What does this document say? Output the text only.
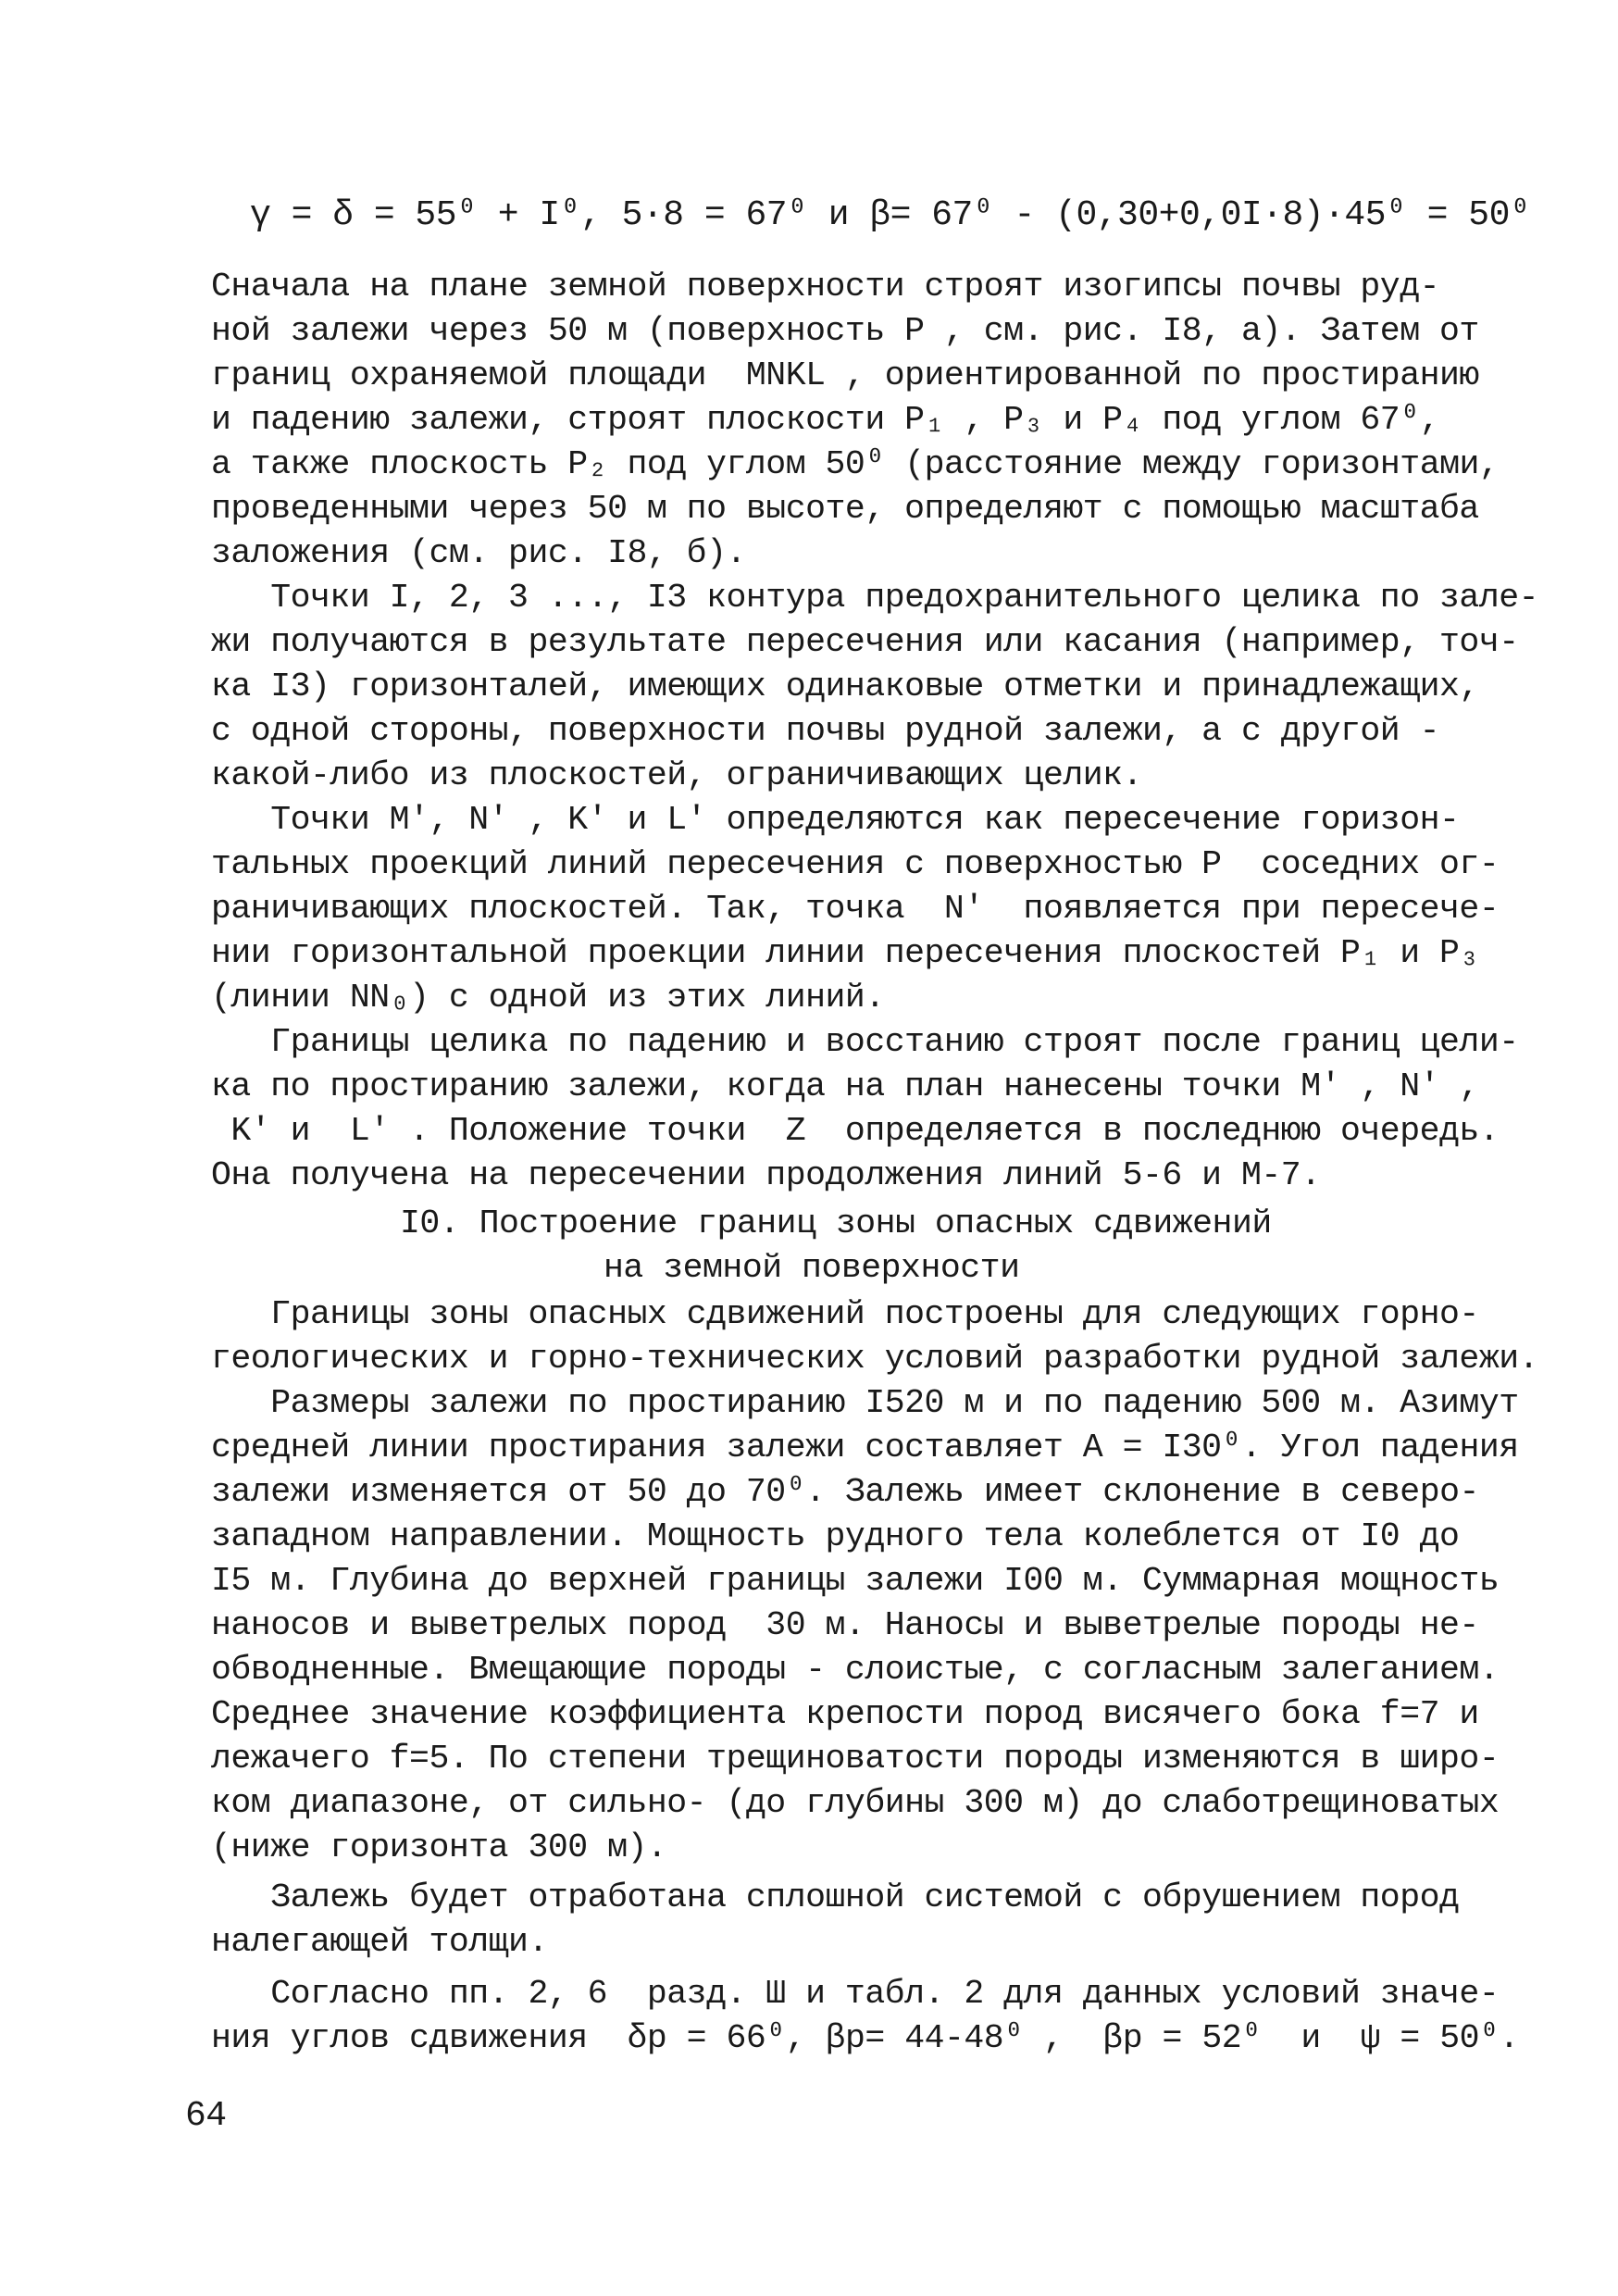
γ = δ = 55⁰ + I⁰, 5·8 = 67⁰ и β= 67⁰ - (0,30+0,0I·8)·45⁰ = 50⁰
Сначала на плане земной поверхности строят изогипсы почвы руд-
ной залежи через 50 м (поверхность P , см. рис. I8, а). Затем от
границ охраняемой площади  MNKL , ориентированной по простиранию
и падению залежи, строят плоскости P₁ , P₃ и P₄ под углом 67⁰,
а также плоскость P₂ под углом 50⁰ (расстояние между горизонтами,
проведенными через 50 м по высоте, определяют с помощью масштаба
заложения (см. рис. I8, б).
Точки I, 2, 3 ..., I3 контура предохранительного целика по зале-
жи получаются в результате пересечения или касания (например, точ-
ка I3) горизонталей, имеющих одинаковые отметки и принадлежащих,
с одной стороны, поверхности почвы рудной залежи, а с другой -
какой-либо из плоскостей, ограничивающих целик.
Точки M', N' , K' и L' определяются как пересечение горизон-
тальных проекций линий пересечения с поверхностью P  соседних ог-
раничивающих плоскостей. Так, точка  N'  появляется при пересече-
нии горизонтальной проекции линии пересечения плоскостей P₁ и P₃
(линии NN₀) с одной из этих линий.
Границы целика по падению и восстанию строят после границ цели-
ка по простиранию залежи, когда на план нанесены точки M' , N' ,
K' и  L' . Положение точки  Z  определяется в последнюю очередь.
Она получена на пересечении продолжения линий 5-6 и M-7.
I0. Построение границ зоны опасных сдвижений
на земной поверхности
Границы зоны опасных сдвижений построены для следующих горно-
геологических и горно-технических условий разработки рудной залежи.
Размеры залежи по простиранию I520 м и по падению 500 м. Азимут
средней линии простирания залежи составляет A = I30⁰. Угол падения
залежи изменяется от 50 до 70⁰. Залежь имеет склонение в северо-
западном направлении. Мощность рудного тела колеблется от I0 до
I5 м. Глубина до верхней границы залежи I00 м. Суммарная мощность
наносов и выветрелых пород  30 м. Наносы и выветрелые породы не-
обводненные. Вмещающие породы - слоистые, с согласным залеганием.
Среднее значение коэффициента крепости пород висячего бока f=7 и
лежачего f=5. По степени трещиноватости породы изменяются в широ-
ком диапазоне, от сильно- (до глубины 300 м) до слаботрещиноватых
(ниже горизонта 300 м).
Залежь будет отработана сплошной системой с обрушением пород
налегающей толщи.
Согласно пп. 2, 6  разд. Ш и табл. 2 для данных условий значе-
ния углов сдвижения  δp = 66⁰, βp= 44-48⁰ ,  βp = 52⁰  и  ψ = 50⁰.
64
